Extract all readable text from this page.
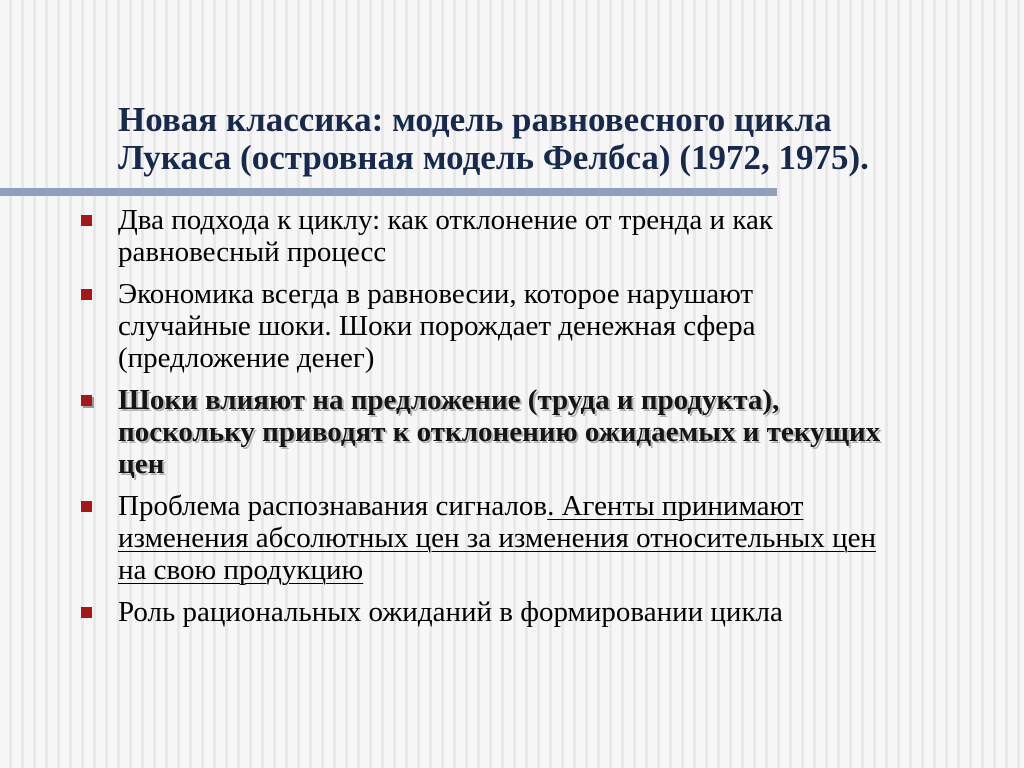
Новая классика: модель равновесного цикла
Лукаса (островная модель Фелбса) (1972, 1975).
Два подхода к циклу: как отклонение от тренда и как
равновесный процесс
Экономика всегда в равновесии, которое нарушают
случайные шоки. Шоки порождает денежная сфера
(предложение денег)
Шоки влияют на предложение (труда и продукта),
поскольку приводят к отклонению ожидаемых и текущих
цен
Проблема распознавания сигналов. Агенты принимают
изменения абсолютных цен за изменения относительных цен
на свою продукцию
Роль рациональных ожиданий в формировании цикла
